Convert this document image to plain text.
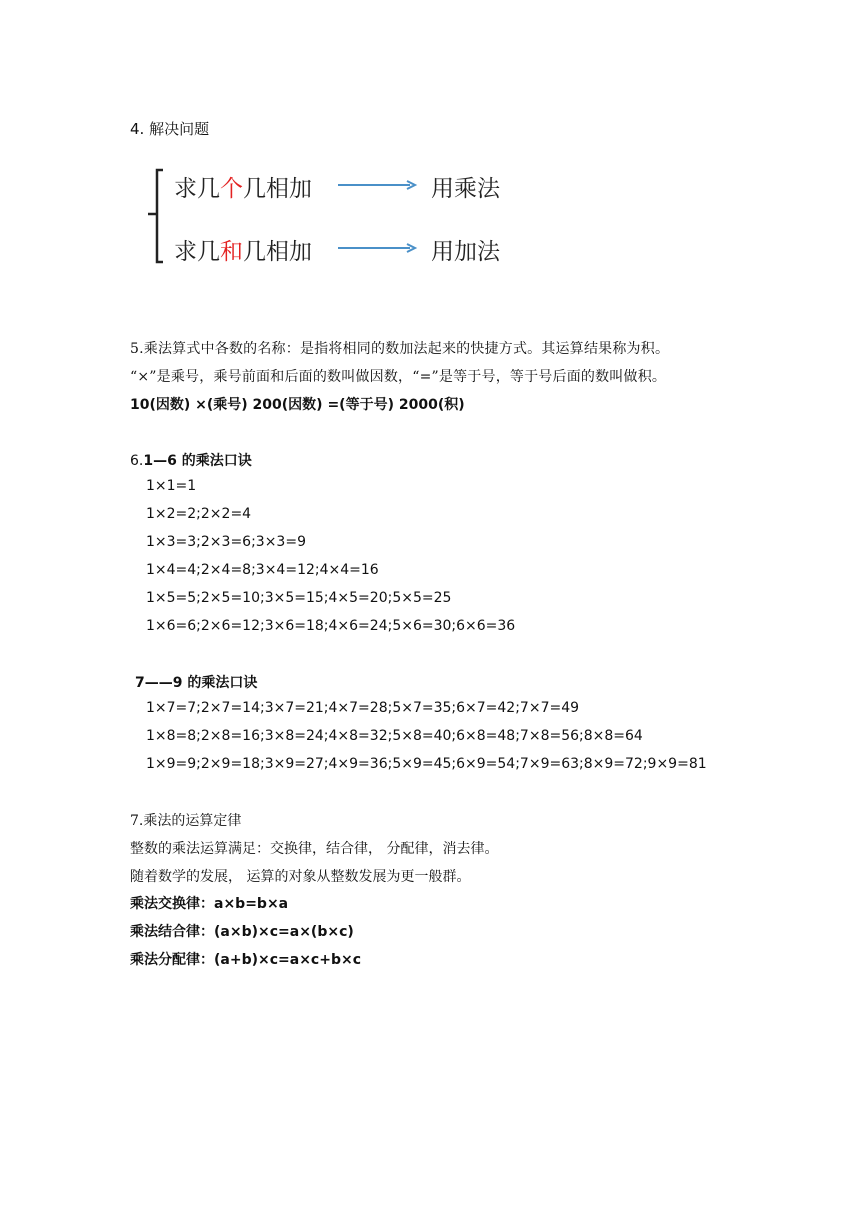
4. 解决问题
求几个几相加	用乘法
求几和几相加	用加法
5.乘法算式中各数的名称：是指将相同的数加法起来的快捷方式。其运算结果称为积。
“×”是乘号，乘号前面和后面的数叫做因数，“=”是等于号，等于号后面的数叫做积。
10(因数) ×(乘号) 200(因数) =(等于号) 2000(积)
6.1—6 的乘法口诀
1×1=1
1×2=2;2×2=4
1×3=3;2×3=6;3×3=9
1×4=4;2×4=8;3×4=12;4×4=16
1×5=5;2×5=10;3×5=15;4×5=20;5×5=25
1×6=6;2×6=12;3×6=18;4×6=24;5×6=30;6×6=36
7——9 的乘法口诀
1×7=7;2×7=14;3×7=21;4×7=28;5×7=35;6×7=42;7×7=49
1×8=8;2×8=16;3×8=24;4×8=32;5×8=40;6×8=48;7×8=56;8×8=64
1×9=9;2×9=18;3×9=27;4×9=36;5×9=45;6×9=54;7×9=63;8×9=72;9×9=81
7.乘法的运算定律
整数的乘法运算满足：交换律，结合律， 分配律，消去律。
随着数学的发展， 运算的对象从整数发展为更一般群。
乘法交换律：a×b=b×a
乘法结合律：(a×b)×c=a×(b×c)
乘法分配律：(a+b)×c=a×c+b×c
